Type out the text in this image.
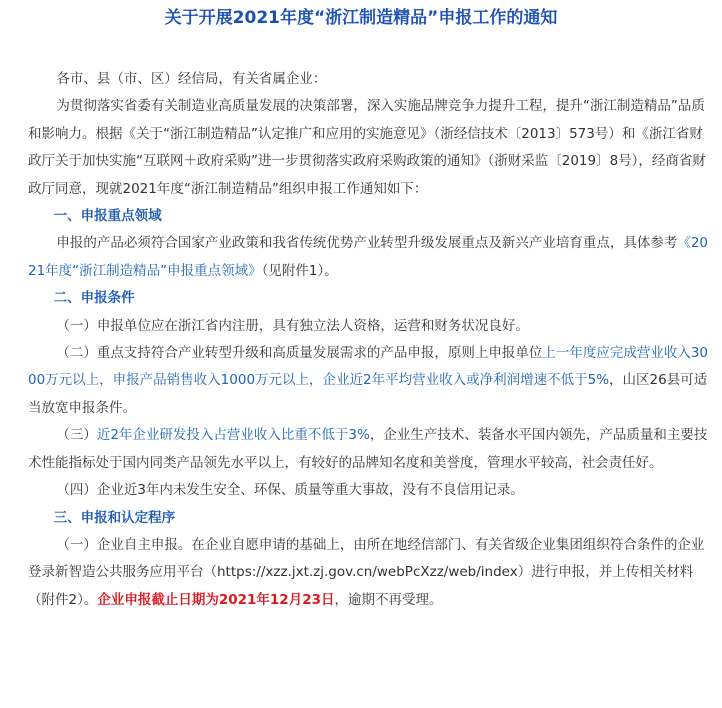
关于开展2021年度“浙江制造精品”申报工作的通知

各市、县（市、区）经信局，有关省属企业：

为贯彻落实省委有关制造业高质量发展的决策部署，深入实施品牌竞争力提升工程，提升“浙江制造精品”品质和影响力。根据《关于“浙江制造精品”认定推广和应用的实施意见》（浙经信技术〔2013〕573号）和《浙江省财政厅关于加快实施“互联网＋政府采购”进一步贯彻落实政府采购政策的通知》（浙财采监〔2019〕8号），经商省财政厅同意，现就2021年度“浙江制造精品”组织申报工作通知如下：

一、申报重点领域

申报的产品必须符合国家产业政策和我省传统优势产业转型升级发展重点及新兴产业培育重点，具体参考《2021年度“浙江制造精品”申报重点领域》（见附件1）。

二、申报条件

（一）申报单位应在浙江省内注册，具有独立法人资格，运营和财务状况良好。

（二）重点支持符合产业转型升级和高质量发展需求的产品申报，原则上申报单位上一年度应完成营业收入3000万元以上，申报产品销售收入1000万元以上，企业近2年平均营业收入或净利润增速不低于5%，山区26县可适当放宽申报条件。

（三）近2年企业研发投入占营业收入比重不低于3%，企业生产技术、装备水平国内领先，产品质量和主要技术性能指标处于国内同类产品领先水平以上，有较好的品牌知名度和美誉度，管理水平较高，社会责任好。

（四）企业近3年内未发生安全、环保、质量等重大事故，没有不良信用记录。

三、申报和认定程序

（一）企业自主申报。在企业自愿申请的基础上，由所在地经信部门、有关省级企业集团组织符合条件的企业登录新智造公共服务应用平台（https://xzz.jxt.zj.gov.cn/webPcXzz/web/index）进行申报，并上传相关材料（附件2）。企业申报截止日期为2021年12月23日，逾期不再受理。
